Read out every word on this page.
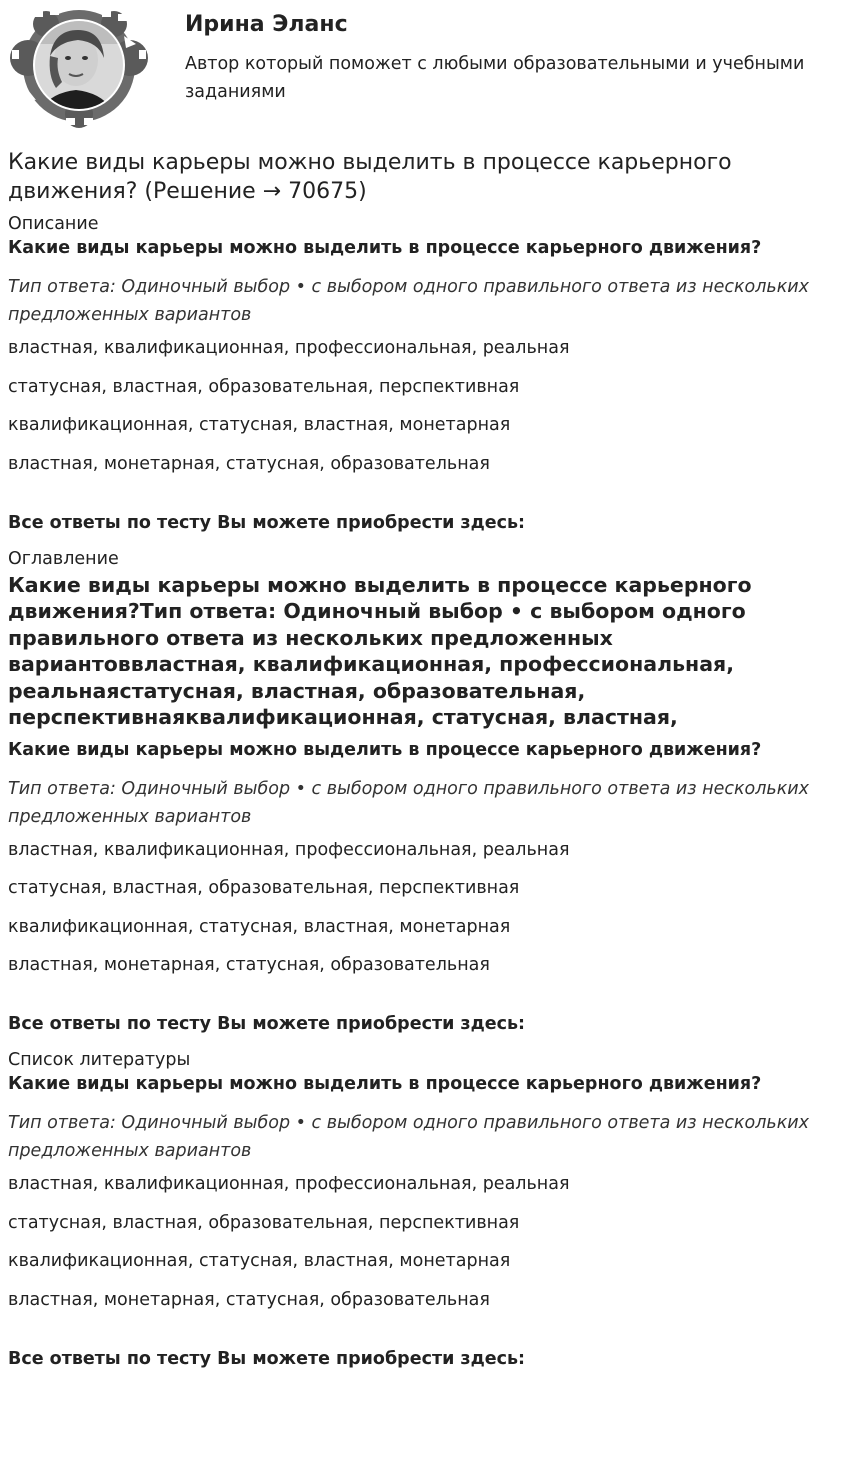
Ирина Эланс
Автор который поможет с любыми образовательными и учебными заданиями
Какие виды карьеры можно выделить в процессе карьерного движения? (Решение → 70675)
Описание
Какие виды карьеры можно выделить в процессе карьерного движения?
Тип ответа: Одиночный выбор • с выбором одного правильного ответа из нескольких предложенных вариантов
властная, квалификационная, профессиональная, реальная
статусная, властная, образовательная, перспективная
квалификационная, статусная, властная, монетарная
властная, монетарная, статусная, образовательная
Все ответы по тесту Вы можете приобрести здесь:
Оглавление
Какие виды карьеры можно выделить в процессе карьерного движения?Тип ответа: Одиночный выбор • с выбором одного правильного ответа из нескольких предложенных вариантоввластная, квалификационная, профессиональная, реальнаястатусная, властная, образовательная, перспективнаяквалификационная, статусная, властная,
Какие виды карьеры можно выделить в процессе карьерного движения?
Тип ответа: Одиночный выбор • с выбором одного правильного ответа из нескольких предложенных вариантов
властная, квалификационная, профессиональная, реальная
статусная, властная, образовательная, перспективная
квалификационная, статусная, властная, монетарная
властная, монетарная, статусная, образовательная
Все ответы по тесту Вы можете приобрести здесь:
Список литературы
Какие виды карьеры можно выделить в процессе карьерного движения?
Тип ответа: Одиночный выбор • с выбором одного правильного ответа из нескольких предложенных вариантов
властная, квалификационная, профессиональная, реальная
статусная, властная, образовательная, перспективная
квалификационная, статусная, властная, монетарная
властная, монетарная, статусная, образовательная
Все ответы по тесту Вы можете приобрести здесь:
